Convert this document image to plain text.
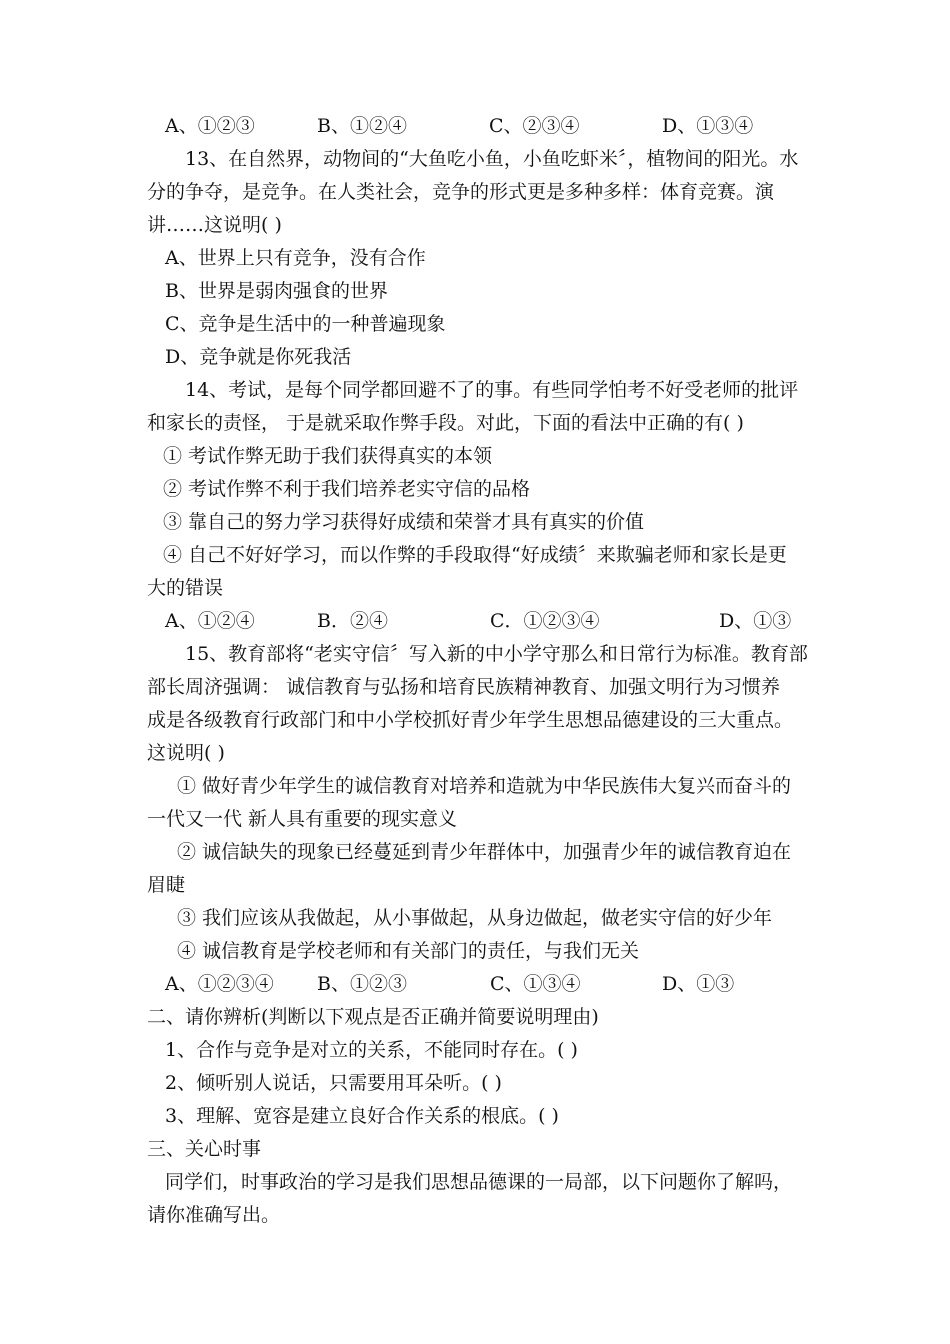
A、①②③	B、①②④	C、②③④	D、①③④
13、在自然界，动物间的“大鱼吃小鱼，小鱼吃虾米〞，植物间的阳光。水
分的争夺，是竞争。在人类社会，竞争的形式更是多种多样：体育竞赛。演
讲……这说明( )
A、世界上只有竞争，没有合作
B、世界是弱肉强食的世界
C、竞争是生活中的一种普遍现象
D、竞争就是你死我活
14、考试，是每个同学都回避不了的事。有些同学怕考不好受老师的批评
和家长的责怪， 于是就采取作弊手段。对此，下面的看法中正确的有( )
① 考试作弊无助于我们获得真实的本领
② 考试作弊不利于我们培养老实守信的品格
③ 靠自己的努力学习获得好成绩和荣誉才具有真实的价值
④ 自己不好好学习，而以作弊的手段取得“好成绩〞来欺骗老师和家长是更
大的错误
A、①②④	B．②④	C．①②③④	D、①③
15、教育部将“老实守信〞写入新的中小学守那么和日常行为标准。教育部
部长周济强调： 诚信教育与弘扬和培育民族精神教育、加强文明行为习惯养
成是各级教育行政部门和中小学校抓好青少年学生思想品德建设的三大重点。
这说明( )
① 做好青少年学生的诚信教育对培养和造就为中华民族伟大复兴而奋斗的
一代又一代 新人具有重要的现实意义
② 诚信缺失的现象已经蔓延到青少年群体中，加强青少年的诚信教育迫在
眉睫
③ 我们应该从我做起，从小事做起，从身边做起，做老实守信的好少年
④ 诚信教育是学校老师和有关部门的责任，与我们无关
A、①②③④ B、①②③	C、①③④	D、①③
二、请你辨析(判断以下观点是否正确并简要说明理由)
1、合作与竞争是对立的关系，不能同时存在。( )
2、倾听别人说话，只需要用耳朵听。( )
3、理解、宽容是建立良好合作关系的根底。( )
三、关心时事
同学们，时事政治的学习是我们思想品德课的一局部，以下问题你了解吗，
请你准确写出。
